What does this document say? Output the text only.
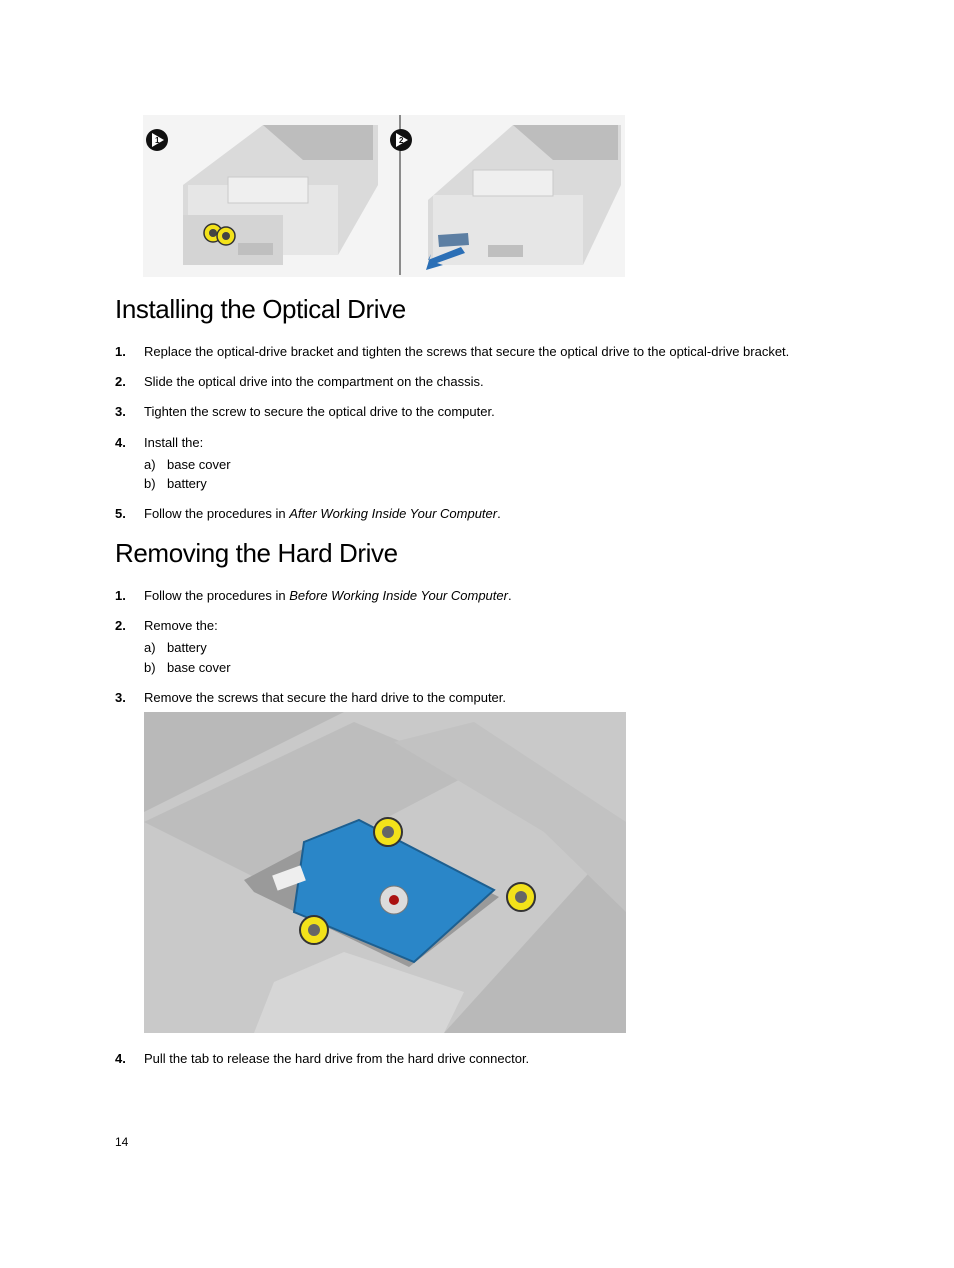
1	2
Installing the Optical Drive
1. Replace the optical-drive bracket and tighten the screws that secure the optical drive to the optical-drive bracket.
2. Slide the optical drive into the compartment on the chassis.
3. Tighten the screw to secure the optical drive to the computer.
4. Install the:
a) base cover
b) battery
5. Follow the procedures in After Working Inside Your Computer.
Removing the Hard Drive
1. Follow the procedures in Before Working Inside Your Computer.
2. Remove the:
a) battery
b) base cover
3. Remove the screws that secure the hard drive to the computer.
4. Pull the tab to release the hard drive from the hard drive connector.
14
